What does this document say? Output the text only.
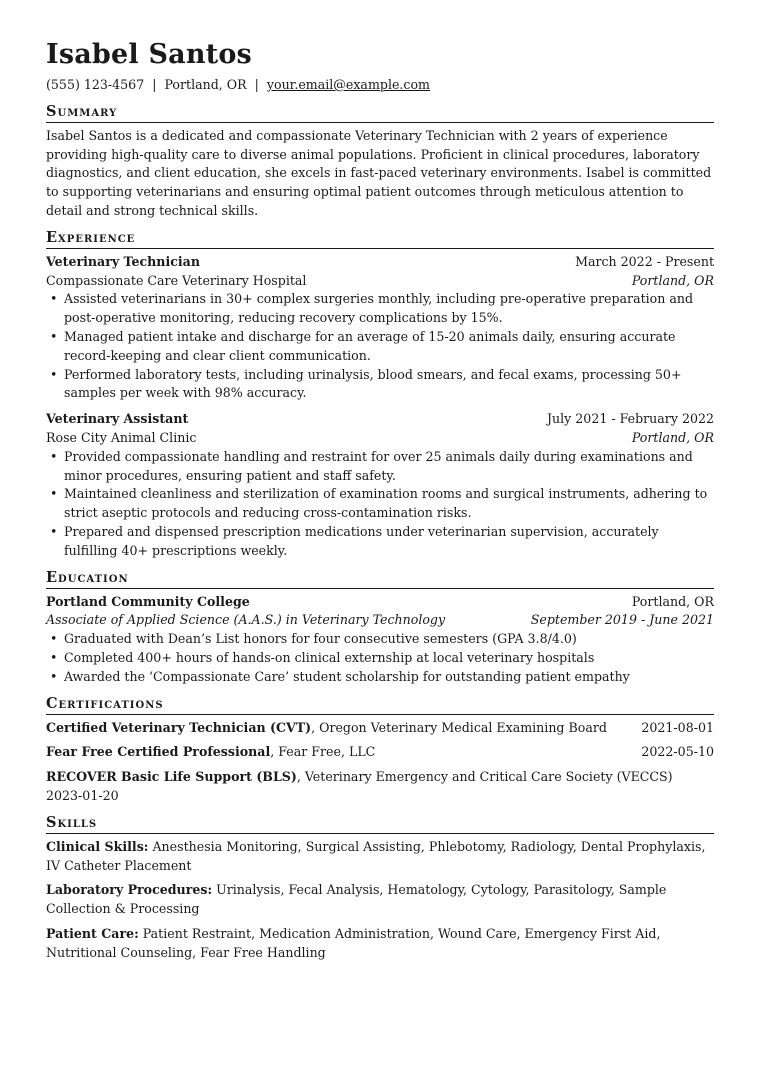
Isabel Santos
(555) 123-4567 | Portland, OR | your.email@example.com
Summary

Isabel Santos is a dedicated and compassionate Veterinary Technician with 2 years of experience providing high-quality care to diverse animal populations. Proficient in clinical procedures, laboratory diagnostics, and client education, she excels in fast-paced veterinary environments. Isabel is committed to supporting veterinarians and ensuring optimal patient outcomes through meticulous attention to detail and strong technical skills.

Experience
Veterinary Technician	March 2022 - Present
Compassionate Care Veterinary Hospital	Portland, OR
• Assisted veterinarians in 30+ complex surgeries monthly, including pre-operative preparation and post-operative monitoring, reducing recovery complications by 15%.
• Managed patient intake and discharge for an average of 15-20 animals daily, ensuring accurate record-keeping and clear client communication.
• Performed laboratory tests, including urinalysis, blood smears, and fecal exams, processing 50+ samples per week with 98% accuracy.
Veterinary Assistant	July 2021 - February 2022
Rose City Animal Clinic	Portland, OR
• Provided compassionate handling and restraint for over 25 animals daily during examinations and minor procedures, ensuring patient and staff safety.
• Maintained cleanliness and sterilization of examination rooms and surgical instruments, adhering to strict aseptic protocols and reducing cross-contamination risks.
• Prepared and dispensed prescription medications under veterinarian supervision, accurately fulfilling 40+ prescriptions weekly.
Education
Portland Community College	Portland, OR
Associate of Applied Science (A.A.S.) in Veterinary Technology	September 2019 - June 2021
• Graduated with Dean’s List honors for four consecutive semesters (GPA 3.8/4.0)
• Completed 400+ hours of hands-on clinical externship at local veterinary hospitals
• Awarded the ‘Compassionate Care’ student scholarship for outstanding patient empathy
Certifications
Certified Veterinary Technician (CVT), Oregon Veterinary Medical Examining Board	2021-08-01
Fear Free Certified Professional, Fear Free, LLC	2022-05-10
RECOVER Basic Life Support (BLS), Veterinary Emergency and Critical Care Society (VECCS)
2023-01-20
Skills
Clinical Skills: Anesthesia Monitoring, Surgical Assisting, Phlebotomy, Radiology, Dental Prophylaxis, IV Catheter Placement
Laboratory Procedures: Urinalysis, Fecal Analysis, Hematology, Cytology, Parasitology, Sample Collection & Processing
Patient Care: Patient Restraint, Medication Administration, Wound Care, Emergency First Aid, Nutritional Counseling, Fear Free Handling
